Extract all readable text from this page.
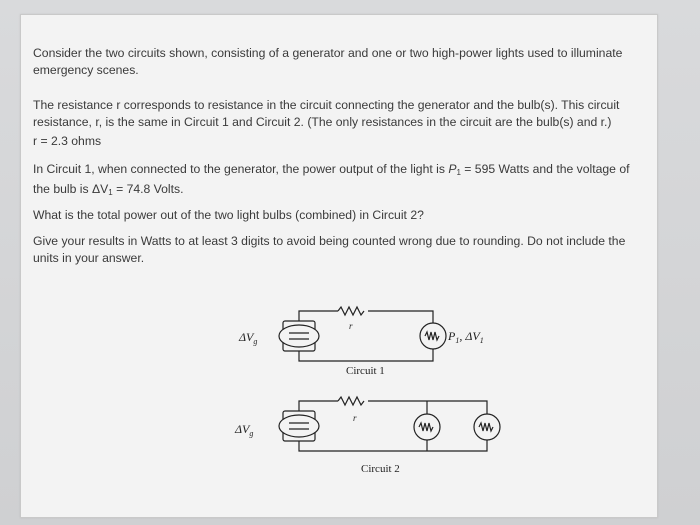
Consider the two circuits shown, consisting of a generator and one or two high-power lights used to illuminate emergency scenes.

The resistance r corresponds to resistance in the circuit connecting the generator and the bulb(s). This circuit resistance, r, is the same in Circuit 1 and Circuit 2. (The only resistances in the circuit are the bulb(s) and r.)

r = 2.3 ohms

In Circuit 1, when connected to the generator, the power output of the light is $P_1 = 595$ Watts and the voltage of the bulb is $\Delta V_1 = 74.8$ Volts.

What is the total power out of the two light bulbs (combined) in Circuit 2?

Give your results in Watts to at least 3 digits to avoid being counted wrong due to rounding. Do not include the units in your answer.

$\Delta V_g$
r
$P_1$, $\Delta V_1$
Circuit 1
$\Delta V_g$
r
Circuit 2
